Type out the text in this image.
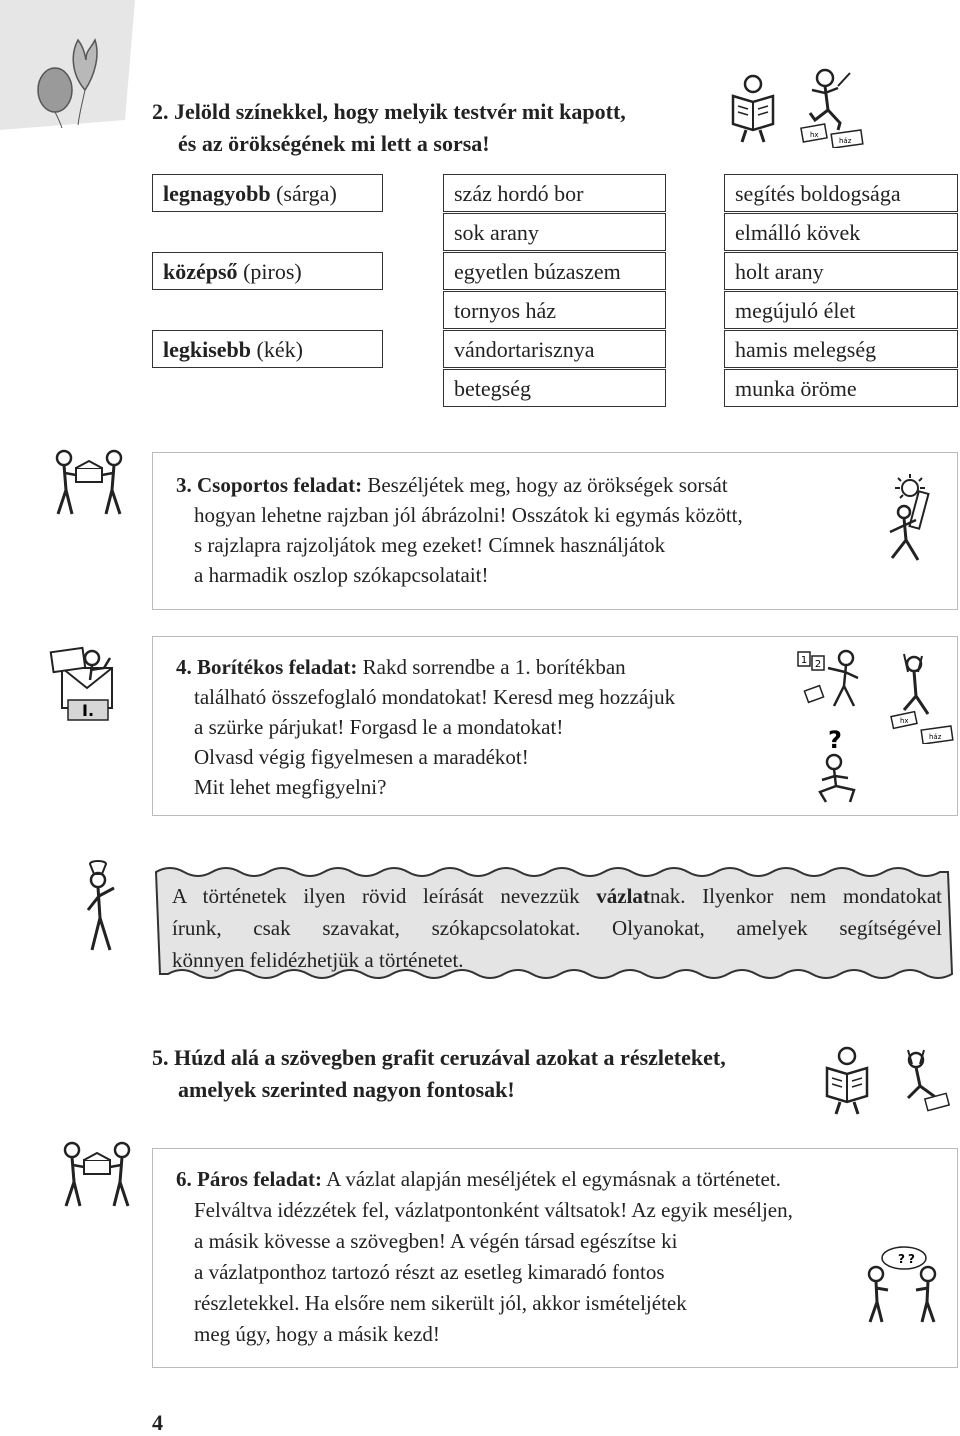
2. Jelöld színekkel, hogy melyik testvér mit kapott,
és az örökségének mi lett a sorsa!	hx
ház
legnagyobb (sárga)
középső (piros)
legkisebb (kék)
száz hordó bor
sok arany
egyetlen búzaszem
tornyos ház
vándortarisznya
betegség
segítés boldogsága
elmálló kövek
holt arany
megújuló élet
hamis melegség
munka öröme
3. Csoportos feladat: Beszéljétek meg, hogy az örökségek sorsát
hogyan lehetne rajzban jól ábrázolni! Osszátok ki egymás között,
s rajzlapra rajzoljátok meg ezeket! Címnek használjátok
a harmadik oszlop szókapcsolatait!
I.
4. Borítékos feladat: Rakd sorrendbe a 1. borítékban
található összefoglaló mondatokat! Keresd meg hozzájuk
a szürke párjukat! Forgasd le a mondatokat!
Olvasd végig figyelmesen a maradékot!
Mit lehet megfigyelni?
1 2
hx
ház
?
A történetek ilyen rövid leírását nevezzük vázlatnak. Ilyenkor nem mondatokat
írunk, csak szavakat, szókapcsolatokat. Olyanokat, amelyek segítségével
könnyen felidézhetjük a történetet.
5. Húzd alá a szövegben grafit ceruzával azokat a részleteket,
amelyek szerinted nagyon fontosak!
6. Páros feladat: A vázlat alapján meséljétek el egymásnak a történetet.
Felváltva idézzétek fel, vázlatpontonként váltsatok! Az egyik meséljen,
a másik kövesse a szövegben! A végén társad egészítse ki
a vázlatponthoz tartozó részt az esetleg kimaradó fontos
részletekkel. Ha elsőre nem sikerült jól, akkor ismételjétek
meg úgy, hogy a másik kezd!
? ?
4
